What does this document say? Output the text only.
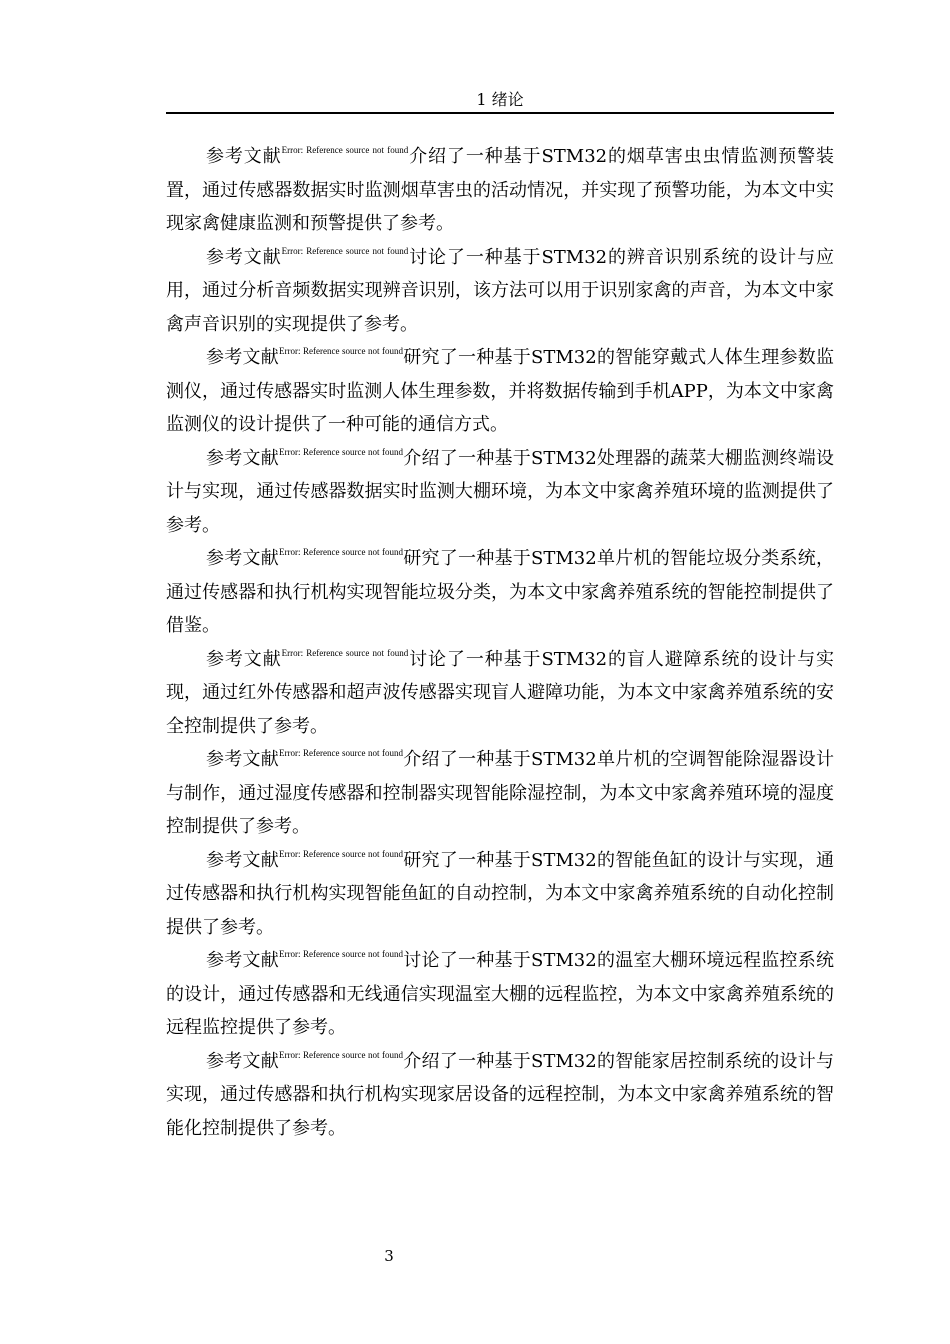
1 绪论

参考文献$^{Error: Reference source not found}$介绍了一种基于STM32的烟草害虫虫情监测预警装置，通过传感器数据实时监测烟草害虫的活动情况，并实现了预警功能，为本文中实现家禽健康监测和预警提供了参考。

参考文献$^{Error: Reference source not found}$讨论了一种基于STM32的辨音识别系统的设计与应用，通过分析音频数据实现辨音识别，该方法可以用于识别家禽的声音，为本文中家禽声音识别的实现提供了参考。

参考文献$^{Error: Reference source not found}$研究了一种基于STM32的智能穿戴式人体生理参数监测仪，通过传感器实时监测人体生理参数，并将数据传输到手机APP，为本文中家禽监测仪的设计提供了一种可能的通信方式。

参考文献$^{Error: Reference source not found}$介绍了一种基于STM32处理器的蔬菜大棚监测终端设计与实现，通过传感器数据实时监测大棚环境，为本文中家禽养殖环境的监测提供了参考。

参考文献$^{Error: Reference source not found}$研究了一种基于STM32单片机的智能垃圾分类系统，通过传感器和执行机构实现智能垃圾分类，为本文中家禽养殖系统的智能控制提供了借鉴。

参考文献$^{Error: Reference source not found}$讨论了一种基于STM32的盲人避障系统的设计与实现，通过红外传感器和超声波传感器实现盲人避障功能，为本文中家禽养殖系统的安全控制提供了参考。

参考文献$^{Error: Reference source not found}$介绍了一种基于STM32单片机的空调智能除湿器设计与制作，通过湿度传感器和控制器实现智能除湿控制，为本文中家禽养殖环境的湿度控制提供了参考。

参考文献$^{Error: Reference source not found}$研究了一种基于STM32的智能鱼缸的设计与实现，通过传感器和执行机构实现智能鱼缸的自动控制，为本文中家禽养殖系统的自动化控制提供了参考。

参考文献$^{Error: Reference source not found}$讨论了一种基于STM32的温室大棚环境远程监控系统的设计，通过传感器和无线通信实现温室大棚的远程监控，为本文中家禽养殖系统的远程监控提供了参考。

参考文献$^{Error: Reference source not found}$介绍了一种基于STM32的智能家居控制系统的设计与实现，通过传感器和执行机构实现家居设备的远程控制，为本文中家禽养殖系统的智能化控制提供了参考。

3
